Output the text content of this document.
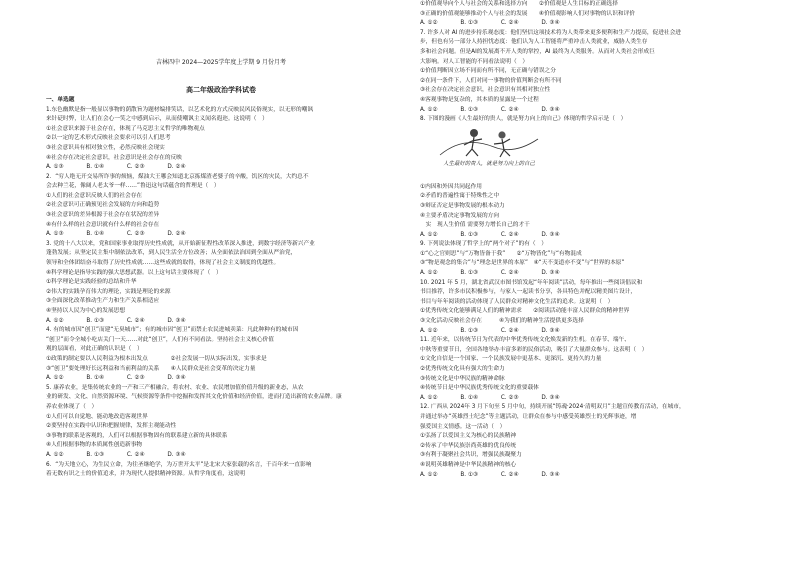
吉林四中 2024—2025学年度上学期 9 月份月考
高二年级政治学科试卷
一、单选题
1.东色幽默是指一般显以事物的荫散旨为题材编排笑话，以艺术化的方式反映民风民俗现实，以无形的嘲讽
来针砭时弊，让人们在会心一笑之中感到启示，从而使嘲讽主义闻名遐迩。这说明（　）
①社会意识来源于社会存在，体现了马克思主义哲学的唯物观点
②以一定的艺术形式反映社会要求可以引人们思考
③社会意识具有相对独立性，必然反映社会现实
④社会存在决定社会意识，社会意识是社会存在的反映
A. ①③　　　　B. ①④　　　　C. ②③　　　　D. ②④
2．“穷人绝无开交易所诈事的烦恼，煤油大王哪会知道北京拣煤渣老婆子的辛酸，饥区的灾民，大约总不
会去种兰花，像阔人老太爷一样……”鲁迅这句话蕴含的哲理是（　）
①人们的社会意识反映人们的社会存在
②社会意识可正确预见社会发展的方向和趋势
③社会意识的差异根源于社会存在状况的差异
④有什么样的社会意识就有什么样的社会存在
A. ①③　　　　B. ①④　　　　C. ②③　　　　D. ②④
3. 党的十八大以来，党和国家事业取得历史性成就，从开始新征程性改革深入推进，到数字经济等新兴产业
蓬勃发展；从坚定民主集中制依法改革，到人民生活全方位改善；从全面依法治国到全面从严治党，
领导和全体团结奋斗取得了历史性成就……这些成就的取得，体现了社会主义制度的优越性。
④科学理论是指导实践的强大思想武器。以上这句话主要体现了（　）
①科学理论是实践经验的总结和升华
②伟大的实践孕育伟大的理论，实践是理论的来源
③全面深化改革推动生产力和生产关系相适应
④坚持以人民为中心的发展思想
A. ①②　　　　B. ①③　　　　C. ②④　　　　D. ③④
4. 有的城市因“创卫”而建“无臭城市”；有的城市因“创卫”而禁止农民进城卖菜：凡此种种有的城市因
“创卫”而令全城小吃店关门一天……对此“创卫”，人们有不同看法。坚持社会主义核心价值
观的层面看，对此正确的认识是（　）
①政策的制定要以人民利益为根本出发点　　　　②社会发展一切从实际出发，实事求是
③“创卫”要处理好长远利益和当前利益的关系　　④人民群众是社会变革的决定力量
A. ①②　　　　B. ①④　　　　C. ②③　　　　D. ③④
5. 康养农业，是集传统农业的一产和三产相融合，将农村、农业、农民增加值价值升级的新业态，从农
业的研发、文化、自然资源环境、气候资源等条件中挖掘和发挥其文化价值和经济价值，进而打造出新的农业品牌。康
养农业体现了（　）
①人们可以自觉地、能动地改造客观世界
②要坚持在实践中认识和把握规律，发挥主观能动性
③事物的联系是客观的，人们可以根据事物固有的联系建立新的具体联系
④人们根据事物的本质属性创造新事物
A. ①②　　　　B. ①③　　　　C. ②④　　　　D. ③④
6．“为天地立心，为生民立命，为往圣继绝学，为万世开太平”是北宋大家张载的名言，千百年来一直影响
着无数有识之士的价值追求，并为现代人提供精神资源。从哲学角度看，这说明
①价值观导向个人与社会的关系和选择方向　　②价值观是人生目标的正确选择
③正确的价值观能够推动个人与社会的发展　　④价值观影响人们对事物的认识和评价
A. ①②　　　　B. ①③　　　　C. ②④　　　　D. ③④
7. 许多人对 AI 的进步持乐观态度：他们坚信这项技术将为人类带来更多便利和生产力提高，促进社会进
步，但也有另一部分人持担忧态度：他们认为人工智能将严重冲击人类就业，威胁人类生存
多和社会问题。但是AI的发展离不开人类的掌控，AI 最终为人类服务。从而对人类社会形成巨
大影响。对人工智能的不同看法说明（　）
①价值判断因立场不同而有所不同，无正确与错误之分
②在同一条件下，人们对同一事物的价值判断会有所不同
③社会存在决定社会意识，社会意识有其相对独立性
④客观事物是复杂的，其本质的显露是一个过程
A. ①②　　　　B. ①③　　　　C. ②④　　　　D. ③④
8. 下图的漫画《人生最好的贵人，就是努力向上的自己》体现的哲学启示是（　）
人生最好的贵人，就是努力向上的自己
①内因和外因共同起作用
②矛盾的普遍性寓于特殊性之中
③辩证否定是事物发展的根本动力
④主要矛盾决定事物发展的方向
　实　现人生价值 需要努力增长自己的才干
A. ①②　　　　B. ①③　　　　C. ②④　　　　D. ③④
9. 下列说法体现了哲学上的“两个对子”的有（　）
①“心之官则思”与“万物皆备于我”　　②“万物皆化”与“有物混成
③“物是观念的集合”与“理念是世界的本原”　④“天不变道亦不变”与“世界的本原”
A. ①②　　　　B. ①③　　　　C. ②④　　　　D. ③④
10. 2021 年 5 月，湖北省武汉市图书馆发起“年年阅读”活动，每年推出一些阅读倡议和
书目推荐，许多市民积极参与，与家人一起读书分享，各具特色并配以精美图片设计，
书目与年年阅读的活动体现了人民群众对精神文化生活的追求。这说明（　）
①优秀传统文化能够满足人们的精神需求　　②阅读活动能丰富人民群众的精神世界
③文化活动反映社会存在　　　④为我们的精神生活提供更多选择
A. ①②　　　　B. ①③　　　　C. ②④　　　　D. ③④
11. 近年来，以传统节日为代表的中华优秀传统文化焕发新的生机。在春节、端午、
中秋等重要节日，全国各地举办丰富多彩的民俗活动，吸引了大量群众参与。这表明（　）
①文化自信是一个国家、一个民族发展中更基本、更深沉、更持久的力量
②优秀传统文化具有强大的生命力
③传统文化是中华民族的精神命脉
④传统节日是中华民族优秀传统文化的重要载体
A. ①②　　　　B. ①④　　　　C. ②③　　　　D. ③④
12. 广西从 2024年 3 月下旬至 5 月中旬，持续开展“铸魂·2024·清明双月”主题宣传教育活动，在城市，
并通过举办“英雄烈士纪念”等主题活动，让群众在参与中感受英雄烈士的光辉事迹，增
强爱国主义情感。这一活动（　）
①弘扬了以爱国主义为核心的民族精神
②传承了中华民族崇尚英雄的优良传统
③有利于凝聚社会共识，增强民族凝聚力
④说明英雄精神是中华民族精神的核心
A. ①②　　　　B. ①③　　　　C. ②④　　　　D. ③④
